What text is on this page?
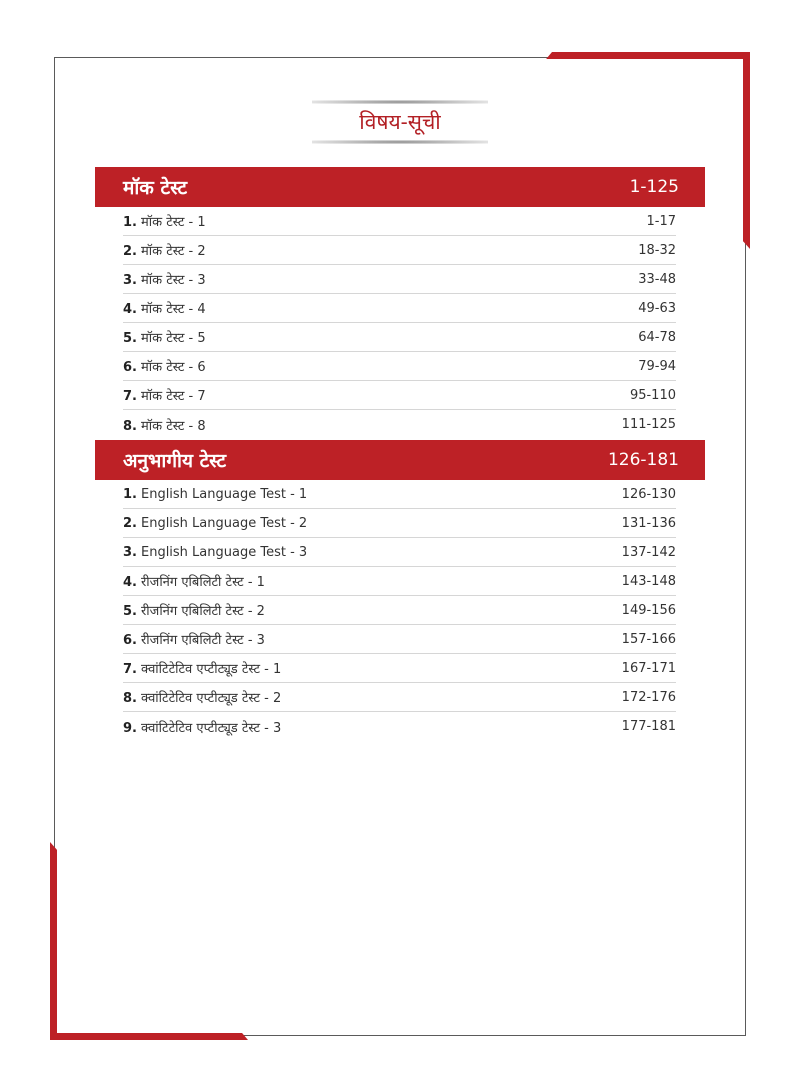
विषय-सूची
मॉक टेस्ट	1-125
1. मॉक टेस्ट - 1	1-17
2. मॉक टेस्ट - 2	18-32
3. मॉक टेस्ट - 3	33-48
4. मॉक टेस्ट - 4	49-63
5. मॉक टेस्ट - 5	64-78
6. मॉक टेस्ट - 6	79-94
7. मॉक टेस्ट - 7	95-110
8. मॉक टेस्ट - 8	111-125
अनुभागीय टेस्ट	126-181
1. English Language Test - 1	126-130
2. English Language Test - 2	131-136
3. English Language Test - 3	137-142
4. रीजनिंग एबिलिटी टेस्ट - 1	143-148
5. रीजनिंग एबिलिटी टेस्ट - 2	149-156
6. रीजनिंग एबिलिटी टेस्ट - 3	157-166
7. क्वांटिटेटिव एप्टीट्यूड टेस्ट - 1	167-171
8. क्वांटिटेटिव एप्टीट्यूड टेस्ट - 2	172-176
9. क्वांटिटेटिव एप्टीट्यूड टेस्ट - 3	177-181
